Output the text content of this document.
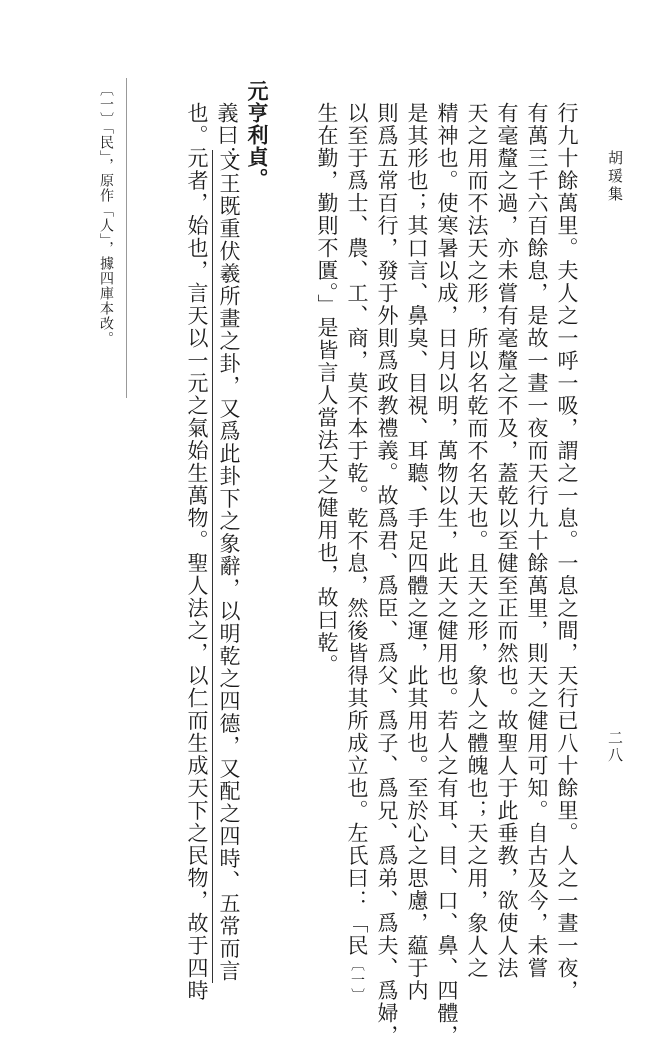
胡瑗集
二八
行九十餘萬里。夫人之一呼一吸，謂之一息。一息之間，天行已八十餘里。人之一晝一夜，
有萬三千六百餘息，是故一晝一夜而天行九十餘萬里，則天之健用可知。自古及今，未嘗
有毫釐之過，亦未嘗有毫釐之不及，蓋乾以至健至正而然也。故聖人于此垂教，欲使人法
天之用而不法天之形，所以名乾而不名天也。且天之形，象人之體魄也；天之用，象人之
精神也。使寒暑以成，日月以明，萬物以生，此天之健用也。若人之有耳、目、口、鼻、四體，
是其形也；其口言、鼻臭、目視、耳聽、手足四體之運，此其用也。至於心之思慮，藴于内
則爲五常百行，發于外則爲政教禮義。故爲君、爲臣、爲父、爲子、爲兄、爲弟、爲夫、爲婦，
以至于爲士、農、工、商，莫不本于乾。乾不息，然後皆得其所成立也。左氏曰：「民〔一〕
生在勤，勤則不匱。」是皆言人當法天之健用也，故曰乾。
元亨利貞。
義曰：
文王既重伏羲所畫之卦，又爲此卦下之象辭，以明乾之四德，又配之四時、五常而言
也。元者，始也，言天以一元之氣始生萬物。聖人法之，以仁而生成天下之民物，故于四時
〔一〕「民」，原作「人」，據四庫本改。
